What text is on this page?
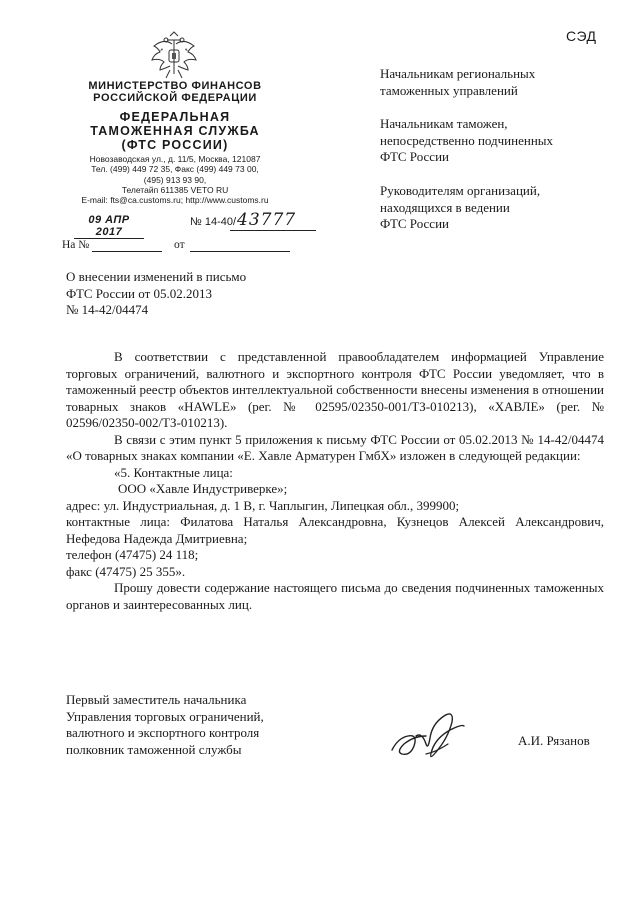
СЭД
МИНИСТЕРСТВО ФИНАНСОВ
РОССИЙСКОЙ ФЕДЕРАЦИИ
ФЕДЕРАЛЬНАЯ
ТАМОЖЕННАЯ СЛУЖБА
(ФТС РОССИИ)
Новозаводская ул., д. 11/5, Москва, 121087
Тел. (499) 449 72 35, Факс (499) 449 73 00,
(495) 913 93 90,
Телетайп 611385 VETO RU
E-mail: fts@ca.customs.ru; http://www.customs.ru
09 АПР 2017
№ 14-40/ 43777
На №	от
Начальникам региональных
таможенных управлений
Начальникам таможен,
непосредственно подчиненных
ФТС России
Руководителям организаций,
находящихся в ведении
ФТС России
О внесении изменений в письмо
ФТС России от 05.02.2013
№ 14-42/04474

В соответствии с представленной правообладателем информацией Управление торговых ограничений, валютного и экспортного контроля ФТС России уведомляет, что в таможенный реестр объектов интеллектуальной собственности внесены изменения в отношении товарных знаков «HAWLE» (рег. № 02595/02350-001/ТЗ-010213), «ХАВЛЕ» (рег. № 02596/02350-002/ТЗ-010213).

В связи с этим пункт 5 приложения к письму ФТС России от 05.02.2013 № 14-42/04474 «О товарных знаках компании «Е. Хавле Арматурен ГмбХ» изложен в следующей редакции:

«5. Контактные лица:

ООО «Хавле Индустриверке»;

адрес: ул. Индустриальная, д. 1 В, г. Чаплыгин, Липецкая обл., 399900;

контактные лица: Филатова Наталья Александровна, Кузнецов Алексей Александрович, Нефедова Надежда Дмитриевна;

телефон (47475) 24 118;

факс (47475) 25 355».

Прошу довести содержание настоящего письма до сведения подчиненных таможенных органов и заинтересованных лиц.

Первый заместитель начальника
Управления торговых ограничений,
валютного и экспортного контроля
полковник таможенной службы
А.И. Рязанов
